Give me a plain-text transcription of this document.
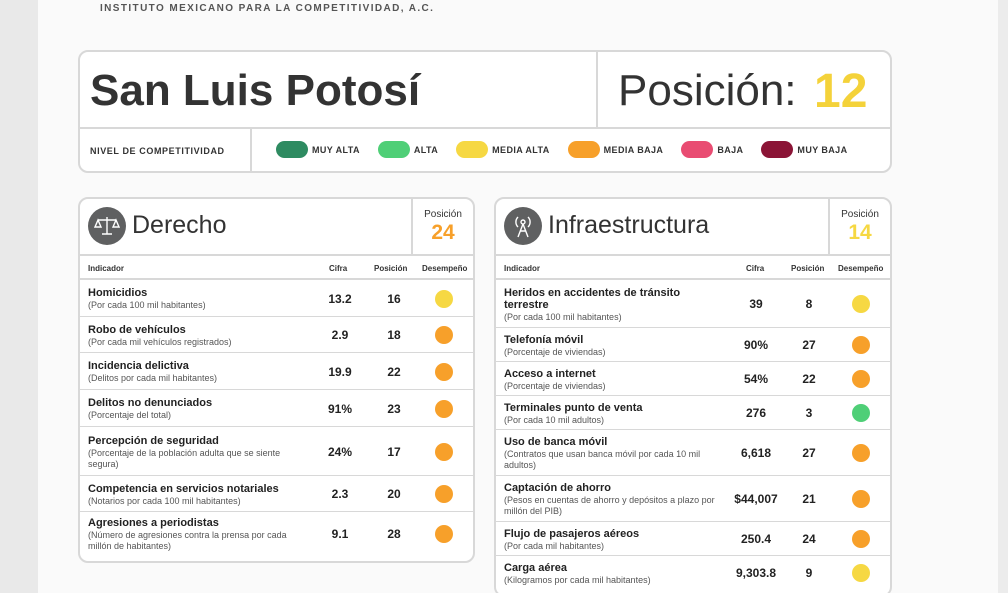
INSTITUTO MEXICANO PARA LA COMPETITIVIDAD, A.C.
San Luis Potosí	Posición: 12
NIVEL DE COMPETITIVIDAD	MUY ALTA	ALTA	MEDIA ALTA	MEDIA BAJA	BAJA	MUY BAJA
Derecho	Posición
24
Indicador	Cifra	Posición Desempeño
Homicidios
(Por cada 100 mil habitantes)	13.2	16
Robo de vehículos
(Por cada mil vehículos registrados)	2.9	18
Incidencia delictiva
(Delitos por cada mil habitantes)	19.9	22
Delitos no denunciados
(Porcentaje del total)	91%	23
Percepción de seguridad
(Porcentaje de la población adulta que se siente segura)
24%	17
Competencia en servicios notariales
(Notarios por cada 100 mil habitantes)	2.3	20
Agresiones a periodistas
(Número de agresiones contra la prensa por cada millón de habitantes)
9.1	28
Infraestructura	Posición
14
Indicador	Cifra	Posición Desempeño
Heridos en accidentes de tránsito terrestre
(Por cada 100 mil habitantes)
39	8
Telefonía móvil
(Porcentaje de viviendas)	90%	27
Acceso a internet
(Porcentaje de viviendas)	54%	22
Terminales punto de venta
(Por cada 10 mil adultos)	276	3
Uso de banca móvil
(Contratos que usan banca móvil por cada 10 mil adultos)
6,618	27
Captación de ahorro
(Pesos en cuentas de ahorro y depósitos a plazo por millón del PIB)
$44,007	21
Flujo de pasajeros aéreos
(Por cada mil habitantes)	250.4	24
Carga aérea
(Kilogramos por cada mil habitantes)	9,303.8	9
